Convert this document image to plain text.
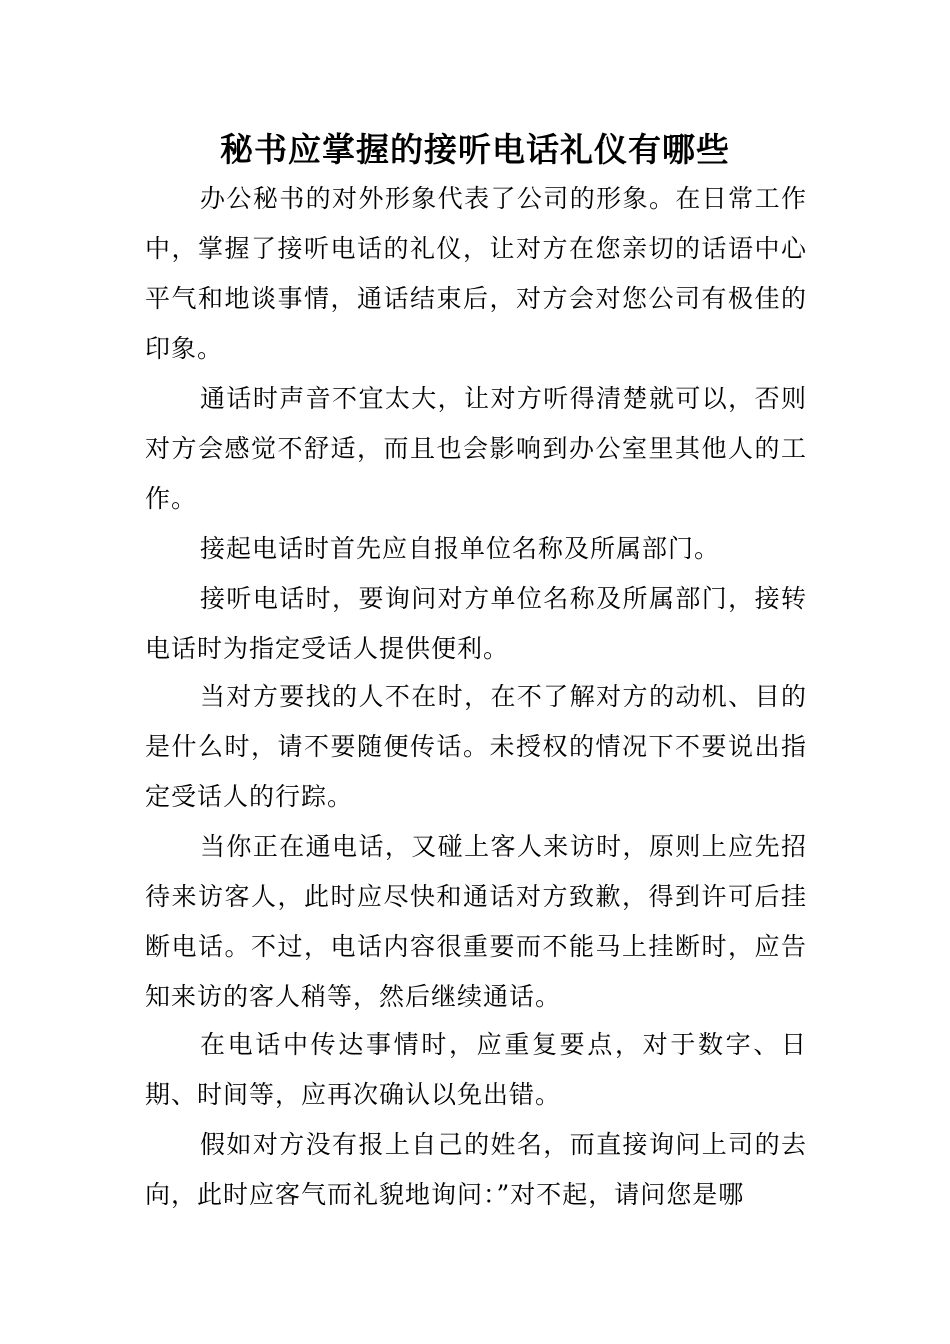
秘书应掌握的接听电话礼仪有哪些
办公秘书的对外形象代表了公司的形象。在日常工作中，掌握了接听电话的礼仪，让对方在您亲切的话语中心平气和地谈事情，通话结束后，对方会对您公司有极佳的印象。
通话时声音不宜太大，让对方听得清楚就可以，否则对方会感觉不舒适，而且也会影响到办公室里其他人的工作。
接起电话时首先应自报单位名称及所属部门。
接听电话时，要询问对方单位名称及所属部门，接转电话时为指定受话人提供便利。
当对方要找的人不在时，在不了解对方的动机、目的是什么时，请不要随便传话。未授权的情况下不要说出指定受话人的行踪。
当你正在通电话，又碰上客人来访时，原则上应先招待来访客人，此时应尽快和通话对方致歉，得到许可后挂断电话。不过，电话内容很重要而不能马上挂断时，应告知来访的客人稍等，然后继续通话。
在电话中传达事情时，应重复要点，对于数字、日期、时间等，应再次确认以免出错。
假如对方没有报上自己的姓名，而直接询问上司的去向，此时应客气而礼貌地询问：”对不起，请问您是哪
